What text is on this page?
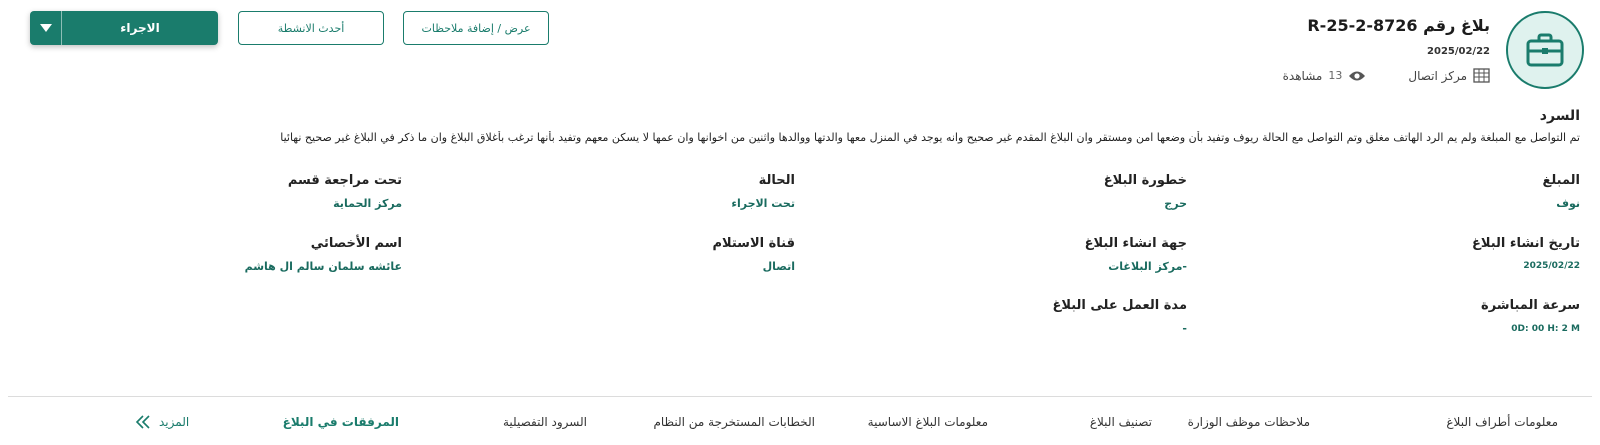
بلاغ رقم R-25-2-8726
2025/02/22
مركز اتصال
13
مشاهدة
عرض / إضافة ملاحظات
أحدث الانشطة
الاجراء
السرد
تم التواصل مع المبلغة ولم يم الرد الهاتف مغلق وتم التواصل مع الحالة ريوف وتفيد بأن وضعها امن ومستقر وان البلاغ المقدم غير صحيح وانه يوجد في المنزل معها والدتها ووالدها واثنين من اخوانها وان عمها لا يسكن معهم وتفيد بأنها ترغب بأغلاق البلاغ وان ما ذكر في البلاغ غير صحيح نهائيا
المبلغ
نوف
خطورة البلاغ
حرج
الحالة
تحت الاجراء
تحت مراجعة قسم
مركز الحماية
تاريخ انشاء البلاغ
2025/02/22
جهة انشاء البلاغ
مركز البلاغات-
قناة الاستلام
اتصال
اسم الأخصائي
عائشه سلمان سالم ال هاشم
سرعة المباشرة
0D: 00 H: 2 M
مدة العمل على البلاغ
-
معلومات أطراف البلاغ
ملاحظات موظف الوزارة
تصنيف البلاغ
معلومات البلاغ الاساسية
الخطابات المستخرجة من النظام
السرود التفصيلية
المرفقات في البلاغ
المزيد
